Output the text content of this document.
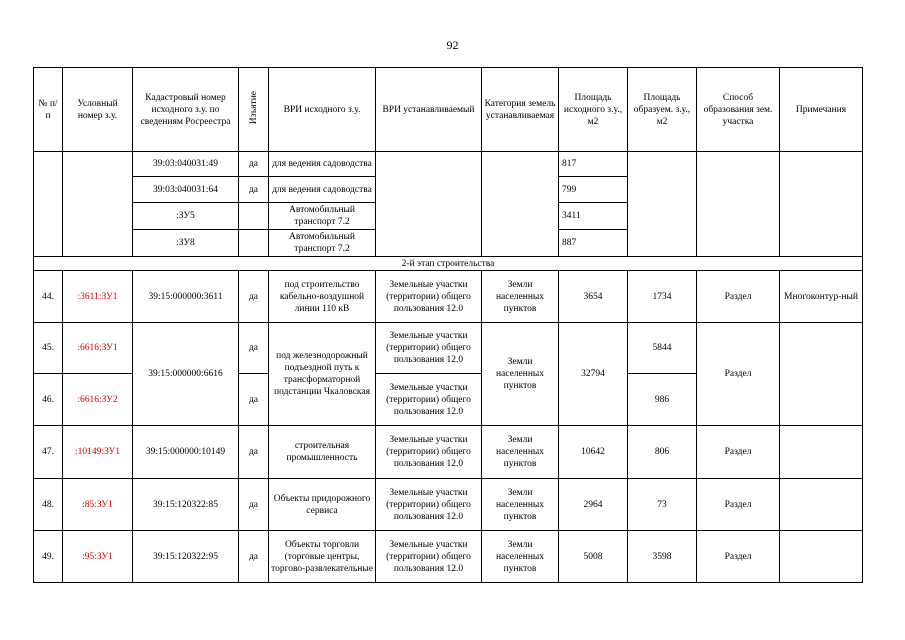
92
№ п/п	Условный номер з.у.	Кадастровый номер исходного з.у. по сведениям Росреестра	Изъятие	ВРИ исходного з.у.	ВРИ устанавливаемый	Категория земель устанавливаемая	Площадь исходного з.у., м2	Площадь образуем. з.у., м2	Способ образования зем. участка	Примечания
		39:03:040031:49	да	для ведения садоводства			817			
		39:03:040031:64	да	для ведения садоводства			799			
		:ЗУ5		Автомобильный транспорт 7.2			3411			
		:ЗУ8		Автомобильный транспорт 7.2			887			
2-й этап строительства										
44.	:3611:ЗУ1	39:15:000000:3611	да	под строительство кабельно-воздушной линии 110 кВ	Земельные участки (территории) общего пользования 12.0	Земли населенных пунктов	3654	1734	Раздел	Многоконтур-ный
45.	:6616:ЗУ1	39:15:000000:6616	да	под железнодорожный подъездной путь к трансформаторной подстанции Чкаловская	Земельные участки (территории) общего пользования 12.0	Земли населенных пунктов	32794	5844	Раздел	
46.	:6616:ЗУ2		да		Земельные участки (территории) общего пользования 12.0			986		
47.	:10149:ЗУ1	39:15:000000:10149	да	строительная промышленность	Земельные участки (территории) общего пользования 12.0	Земли населенных пунктов	10642	806	Раздел	
48.	:85:ЗУ1	39:15:120322:85	да	Объекты придорожного сервиса	Земельные участки (территории) общего пользования 12.0	Земли населенных пунктов	2964	73	Раздел	
49.	:95:ЗУ1	39:15:120322:95	да	Объекты торговли (торговые центры, торгово-развлекательные	Земельные участки (территории) общего пользования 12.0	Земли населенных пунктов	5008	3598	Раздел	
